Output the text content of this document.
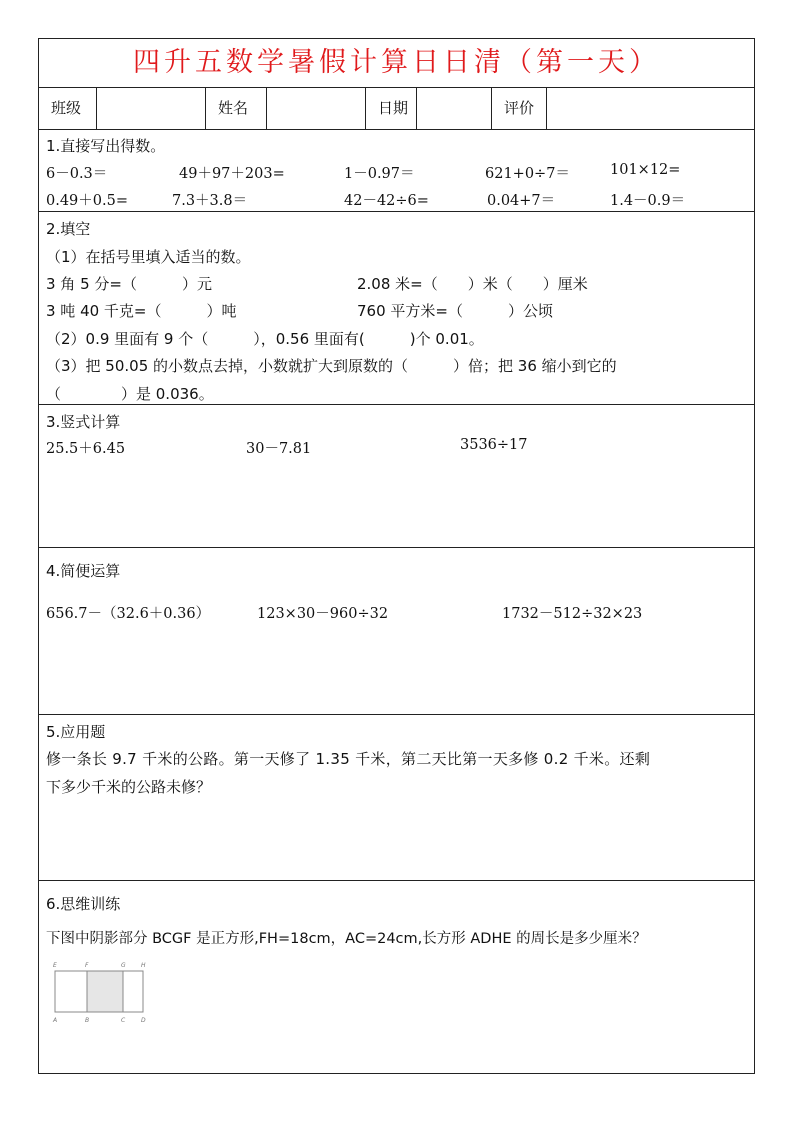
四升五数学暑假计算日日清（第一天）
班级	姓名	日期	评价
1.直接写出得数。
6－0.3＝	49＋97＋203=	1－0.97＝	621+0÷7＝	101×12=
0.49＋0.5=	7.3＋3.8＝	42－42÷6=	0.04+7＝	1.4－0.9＝
2.填空
（1）在括号里填入适当的数。
3 角 5 分=（　　　）元	2.08 米=（　　）米（　　）厘米
3 吨 40 千克=（　　　）吨	760 平方米=（　　　）公顷
（2）0.9 里面有 9 个（　　　），0.56 里面有(　　　)个 0.01。
（3）把 50.05 的小数点去掉，小数就扩大到原数的（　　　）倍；把 36 缩小到它的
（　　　　）是 0.036。
3.竖式计算
25.5＋6.45	30－7.81	3536÷17
4.简便运算
656.7－（32.6＋0.36）	123×30－960÷32	1732－512÷32×23
5.应用题
修一条长 9.7 千米的公路。第一天修了 1.35 千米，第二天比第一天多修 0.2 千米。还剩
下多少千米的公路未修？
6.思维训练
下图中阴影部分 BCGF 是正方形,FH=18cm，AC=24cm,长方形 ADHE 的周长是多少厘米？
E	F	G	H
A	B	C	D
